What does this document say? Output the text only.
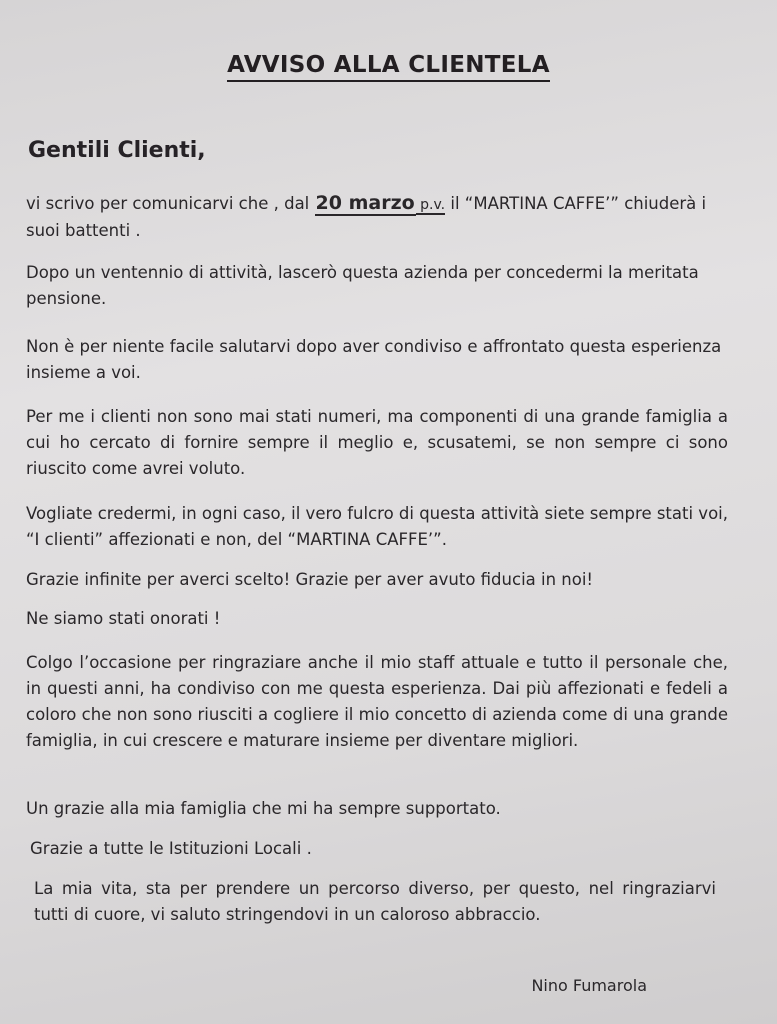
AVVISO ALLA CLIENTELA
Gentili Clienti,
vi scrivo per comunicarvi che , dal 20 marzo p.v. il “MARTINA CAFFE’” chiuderà i suoi battenti .
Dopo un ventennio di attività, lascerò questa azienda per concedermi la meritata pensione.
Non è per niente facile salutarvi dopo aver condiviso e affrontato questa esperienza insieme a voi.
Per me i clienti non sono mai stati numeri, ma componenti di una grande famiglia a cui ho cercato di fornire sempre il meglio e, scusatemi, se non sempre ci sono riuscito come avrei voluto.
Vogliate credermi, in ogni caso, il vero fulcro di questa attività siete sempre stati voi, “I clienti” affezionati e non, del “MARTINA CAFFE’”.
Grazie infinite per averci scelto! Grazie per aver avuto fiducia in noi!
Ne siamo stati onorati !
Colgo l’occasione per ringraziare anche il mio staff attuale e tutto il personale che, in questi anni, ha condiviso con me questa esperienza. Dai più affezionati e fedeli a coloro che non sono riusciti a cogliere il mio concetto di azienda come di una grande famiglia, in cui crescere e maturare insieme per diventare migliori.
Un grazie alla mia famiglia che mi ha sempre supportato.
Grazie a tutte le Istituzioni Locali .
La mia vita, sta per prendere un percorso diverso, per questo, nel ringraziarvi tutti di cuore, vi saluto stringendovi in un caloroso abbraccio.
Nino Fumarola
